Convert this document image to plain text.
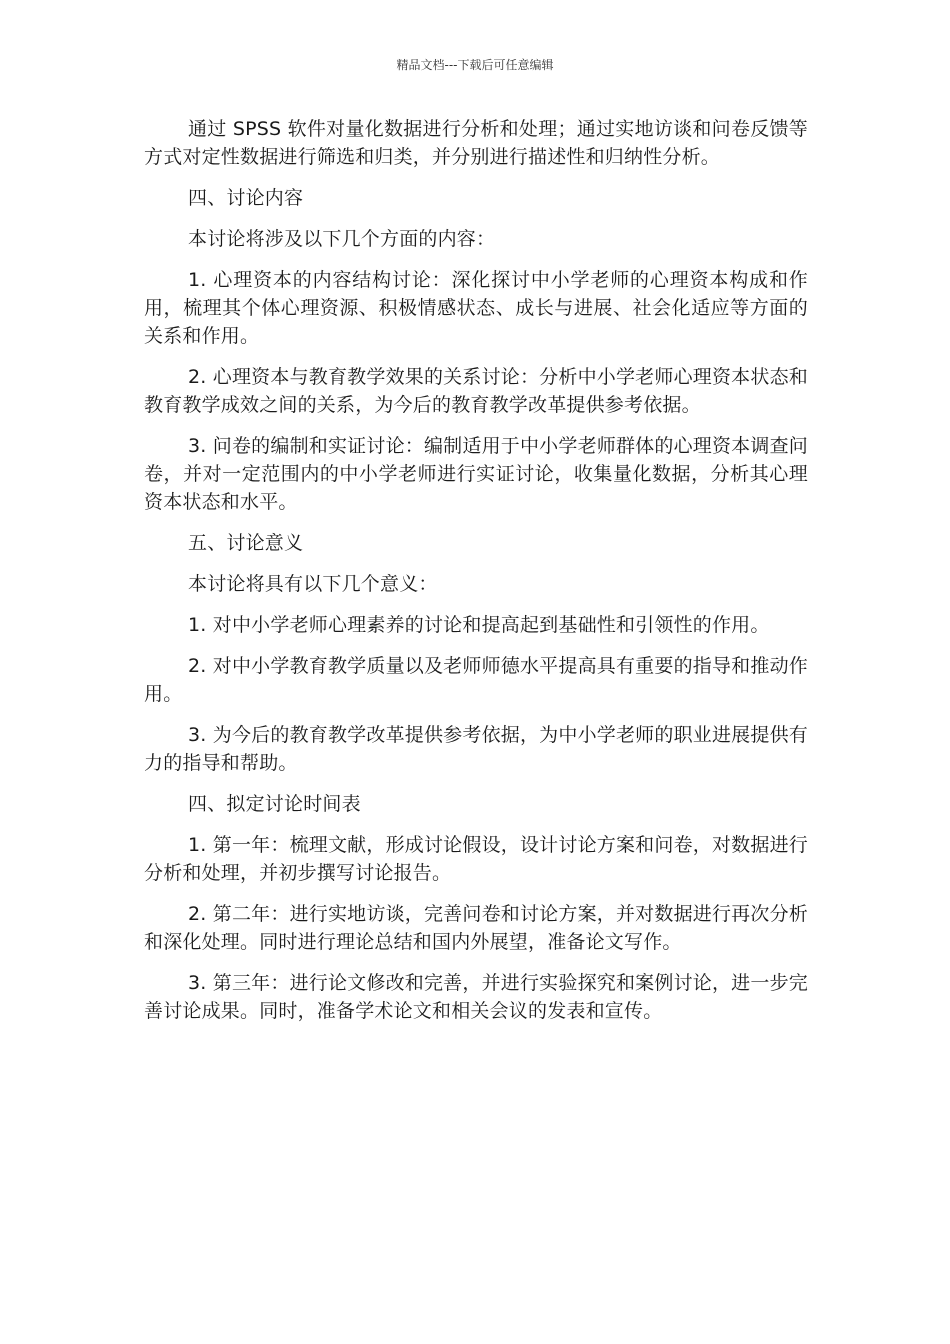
精品文档---下载后可任意编辑

通过 SPSS 软件对量化数据进行分析和处理；通过实地访谈和问卷反馈等方式对定性数据进行筛选和归类，并分别进行描述性和归纳性分析。

四、讨论内容

本讨论将涉及以下几个方面的内容：

1. 心理资本的内容结构讨论：深化探讨中小学老师的心理资本构成和作用，梳理其个体心理资源、积极情感状态、成长与进展、社会化适应等方面的关系和作用。

2. 心理资本与教育教学效果的关系讨论：分析中小学老师心理资本状态和教育教学成效之间的关系，为今后的教育教学改革提供参考依据。

3. 问卷的编制和实证讨论：编制适用于中小学老师群体的心理资本调查问卷，并对一定范围内的中小学老师进行实证讨论，收集量化数据，分析其心理资本状态和水平。

五、讨论意义

本讨论将具有以下几个意义：

1. 对中小学老师心理素养的讨论和提高起到基础性和引领性的作用。

2. 对中小学教育教学质量以及老师师德水平提高具有重要的指导和推动作用。

3. 为今后的教育教学改革提供参考依据，为中小学老师的职业进展提供有力的指导和帮助。

四、拟定讨论时间表

1. 第一年：梳理文献，形成讨论假设，设计讨论方案和问卷，对数据进行分析和处理，并初步撰写讨论报告。

2. 第二年：进行实地访谈，完善问卷和讨论方案，并对数据进行再次分析和深化处理。同时进行理论总结和国内外展望，准备论文写作。

3. 第三年：进行论文修改和完善，并进行实验探究和案例讨论，进一步完善讨论成果。同时，准备学术论文和相关会议的发表和宣传。
